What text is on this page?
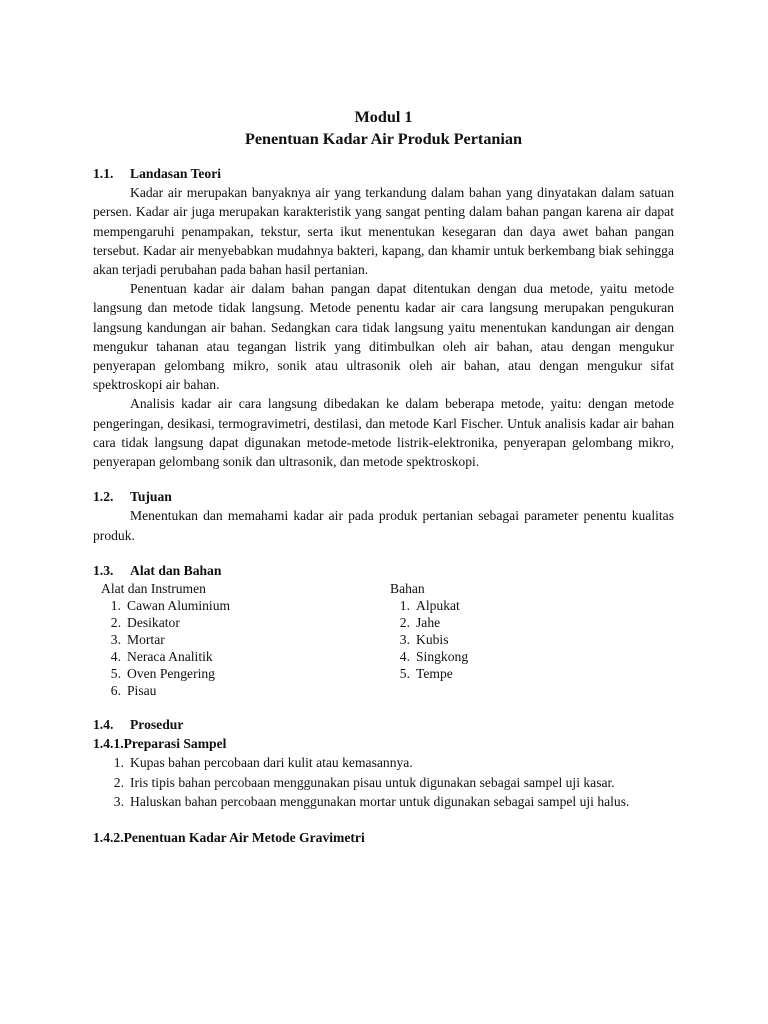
Modul 1
Penentuan Kadar Air Produk Pertanian
1.1.	Landasan Teori

Kadar air merupakan banyaknya air yang terkandung dalam bahan yang dinyatakan dalam satuan persen. Kadar air juga merupakan karakteristik yang sangat penting dalam bahan pangan karena air dapat mempengaruhi penampakan, tekstur, serta ikut menentukan kesegaran dan daya awet bahan pangan tersebut. Kadar air menyebabkan mudahnya bakteri, kapang, dan khamir untuk berkembang biak sehingga akan terjadi perubahan pada bahan hasil pertanian.

Penentuan kadar air dalam bahan pangan dapat ditentukan dengan dua metode, yaitu metode langsung dan metode tidak langsung. Metode penentu kadar air cara langsung merupakan pengukuran langsung kandungan air bahan. Sedangkan cara tidak langsung yaitu menentukan kandungan air dengan mengukur tahanan atau tegangan listrik yang ditimbulkan oleh air bahan, atau dengan mengukur penyerapan gelombang mikro, sonik atau ultrasonik oleh air bahan, atau dengan mengukur sifat spektroskopi air bahan.

Analisis kadar air cara langsung dibedakan ke dalam beberapa metode, yaitu: dengan metode pengeringan, desikasi, termogravimetri, destilasi, dan metode Karl Fischer. Untuk analisis kadar air bahan cara tidak langsung dapat digunakan metode-metode listrik-elektronika, penyerapan gelombang mikro, penyerapan gelombang sonik dan ultrasonik, dan metode spektroskopi.

1.2.	Tujuan

Menentukan dan memahami kadar air pada produk pertanian sebagai parameter penentu kualitas produk.

1.3.	Alat dan Bahan
Alat dan Instrumen
1. Cawan Aluminium
2. Desikator
3. Mortar
4. Neraca Analitik
5. Oven Pengering
6. Pisau
Bahan
1. Alpukat
2. Jahe
3. Kubis
4. Singkong
5. Tempe
1.4.	Prosedur
1.4.1. Preparasi Sampel
1. Kupas bahan percobaan dari kulit atau kemasannya.
2. Iris tipis bahan percobaan menggunakan pisau untuk digunakan sebagai sampel uji kasar.
3. Haluskan bahan percobaan menggunakan mortar untuk digunakan sebagai sampel uji halus.
1.4.2. Penentuan Kadar Air Metode Gravimetri
